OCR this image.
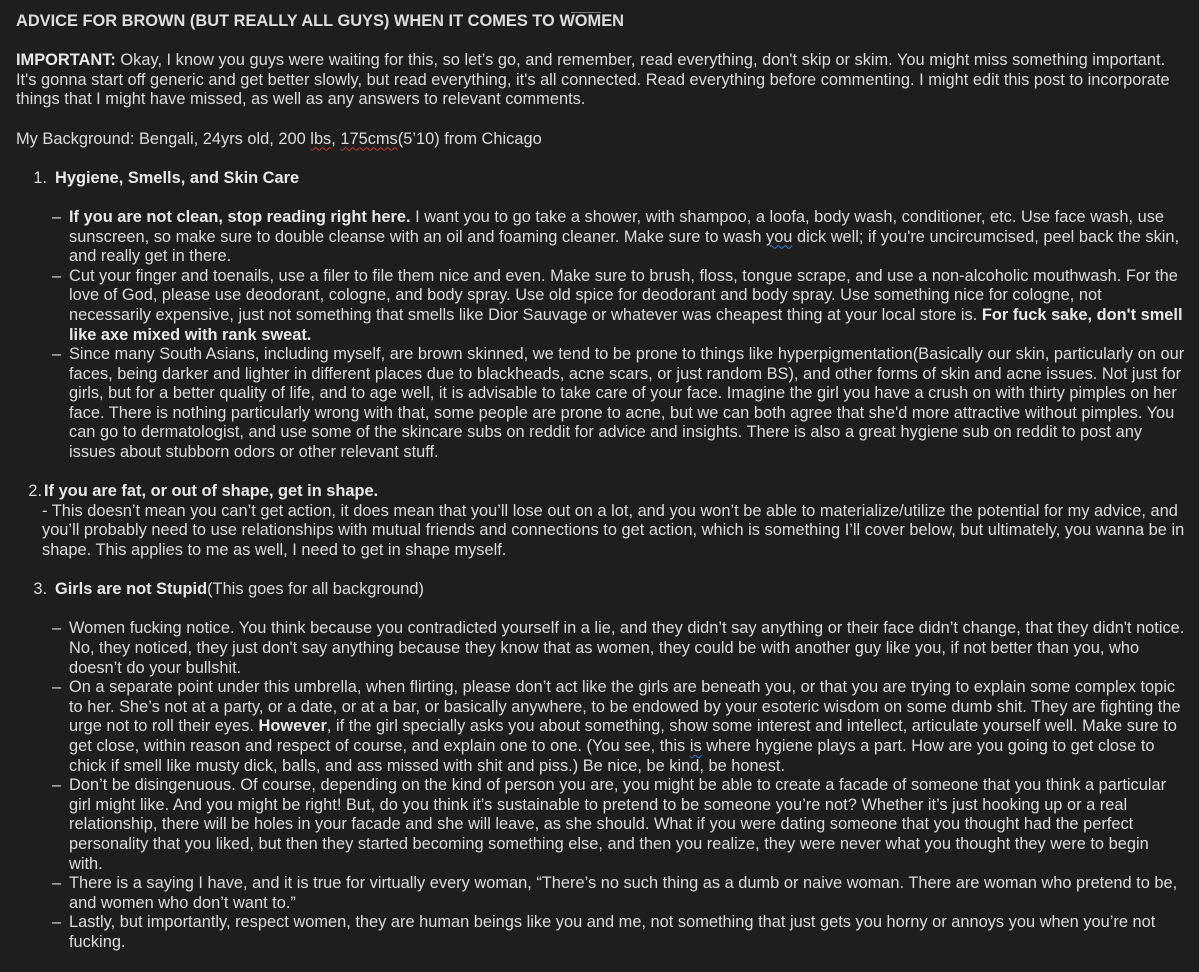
ADVICE FOR BROWN (BUT REALLY ALL GUYS) WHEN IT COMES TO WOMEN

IMPORTANT: Okay, I know you guys were waiting for this, so let’s go, and remember, read everything, don't skip or skim. You might miss something important. It's gonna start off generic and get better slowly, but read everything, it's all connected. Read everything before commenting. I might edit this post to incorporate things that I might have missed, as well as any answers to relevant comments.

My Background: Bengali, 24yrs old, 200 lbs, 175cms(5’10) from Chicago

1. Hygiene, Smells, and Skin Care
– If you are not clean, stop reading right here. I want you to go take a shower, with shampoo, a loofa, body wash, conditioner, etc. Use face wash, use sunscreen, so make sure to double cleanse with an oil and foaming cleaner. Make sure to wash you dick well; if you're uncircumcised, peel back the skin, and really get in there.
– Cut your finger and toenails, use a filer to file them nice and even. Make sure to brush, floss, tongue scrape, and use a non-alcoholic mouthwash. For the love of God, please use deodorant, cologne, and body spray. Use old spice for deodorant and body spray. Use something nice for cologne, not necessarily expensive, just not something that smells like Dior Sauvage or whatever was cheapest thing at your local store is. For fuck sake, don't smell like axe mixed with rank sweat.
– Since many South Asians, including myself, are brown skinned, we tend to be prone to things like hyperpigmentation(Basically our skin, particularly on our faces, being darker and lighter in different places due to blackheads, acne scars, or just random BS), and other forms of skin and acne issues. Not just for girls, but for a better quality of life, and to age well, it is advisable to take care of your face. Imagine the girl you have a crush on with thirty pimples on her face. There is nothing particularly wrong with that, some people are prone to acne, but we can both agree that she'd more attractive without pimples. You can go to dermatologist, and use some of the skincare subs on reddit for advice and insights. There is also a great hygiene sub on reddit to post any issues about stubborn odors or other relevant stuff.
2. If you are fat, or out of shape, get in shape.

- This doesn’t mean you can’t get action, it does mean that you’ll lose out on a lot, and you won’t be able to materialize/utilize the potential for my advice, and you’ll probably need to use relationships with mutual friends and connections to get action, which is something I’ll cover below, but ultimately, you wanna be in shape. This applies to me as well, I need to get in shape myself.

3. Girls are not Stupid(This goes for all background)
– Women fucking notice. You think because you contradicted yourself in a lie, and they didn’t say anything or their face didn’t change, that they didn't notice. No, they noticed, they just don't say anything because they know that as women, they could be with another guy like you, if not better than you, who doesn’t do your bullshit.
– On a separate point under this umbrella, when flirting, please don’t act like the girls are beneath you, or that you are trying to explain some complex topic to her. She’s not at a party, or a date, or at a bar, or basically anywhere, to be endowed by your esoteric wisdom on some dumb shit. They are fighting the urge not to roll their eyes. However, if the girl specially asks you about something, show some interest and intellect, articulate yourself well. Make sure to get close, within reason and respect of course, and explain one to one. (You see, this is where hygiene plays a part. How are you going to get close to chick if smell like musty dick, balls, and ass missed with shit and piss.) Be nice, be kind, be honest.
– Don’t be disingenuous. Of course, depending on the kind of person you are, you might be able to create a facade of someone that you think a particular girl might like. And you might be right! But, do you think it’s sustainable to pretend to be someone you’re not? Whether it’s just hooking up or a real relationship, there will be holes in your facade and she will leave, as she should. What if you were dating someone that you thought had the perfect personality that you liked, but then they started becoming something else, and then you realize, they were never what you thought they were to begin with.
– There is a saying I have, and it is true for virtually every woman, “There’s no such thing as a dumb or naive woman. There are woman who pretend to be, and women who don’t want to.”
– Lastly, but importantly, respect women, they are human beings like you and me, not something that just gets you horny or annoys you when you’re not fucking.
